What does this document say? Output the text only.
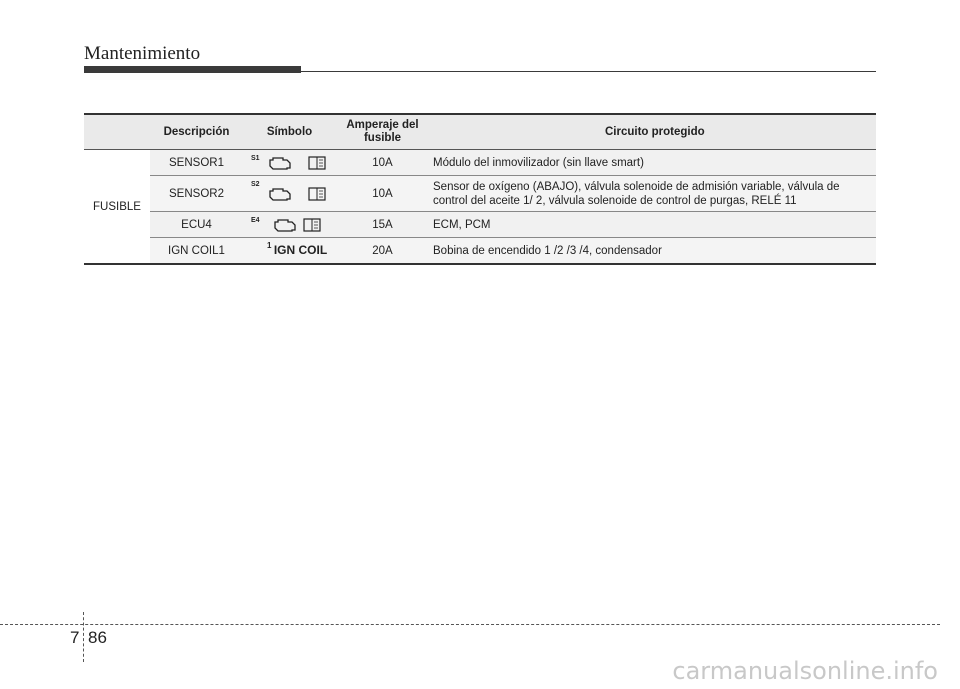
Mantenimiento
	Descripción	Símbolo	Amperaje del fusible	Circuito protegido
FUSIBLE	SENSOR1	S1	10A	Módulo del inmovilizador (sin llave smart)
	SENSOR2	S2	10A	Sensor de oxígeno (ABAJO), válvula solenoide de admisión variable, válvula de control del aceite 1/ 2, válvula solenoide de control de purgas, RELÉ 11
	ECU4	E4	15A	ECM, PCM
	IGN COIL1	1 IGN COIL	20A	Bobina de encendido 1 /2 /3 /4, condensador
7 86
carmanualsonline.info
